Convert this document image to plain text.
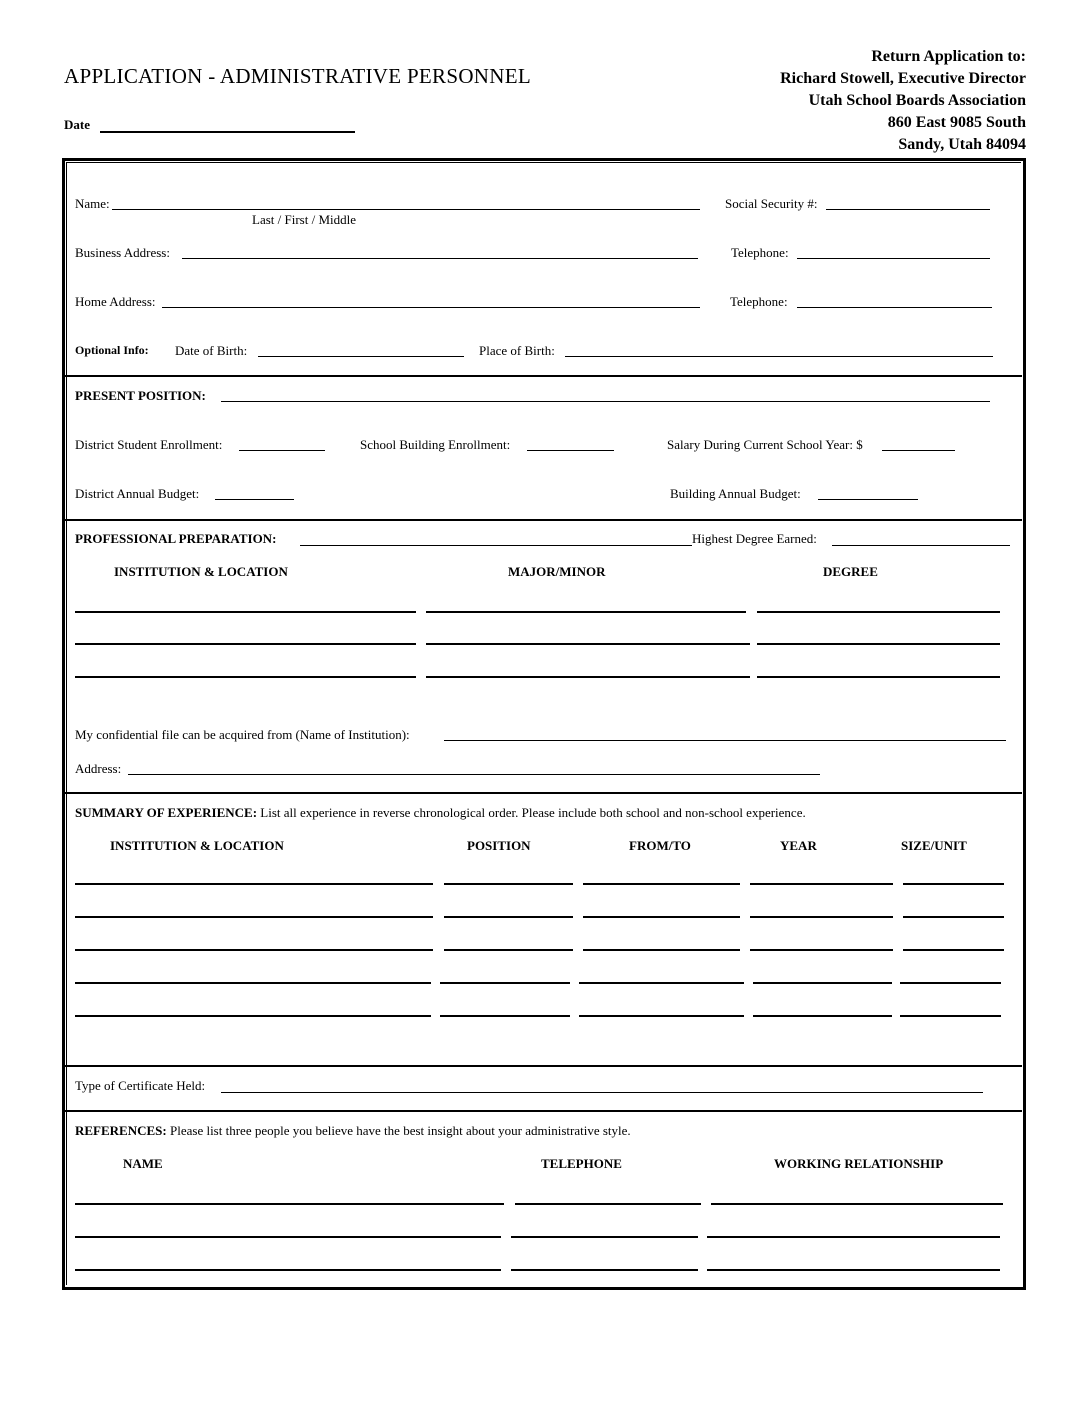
APPLICATION - ADMINISTRATIVE PERSONNEL
Date
Return Application to:
Richard Stowell, Executive Director
Utah School Boards Association
860 East 9085 South
Sandy, Utah 84094
Name:
Last / First / Middle
Social Security #:
Business Address:	Telephone:
Home Address:	Telephone:
Optional Info: Date of Birth:	Place of Birth:
PRESENT POSITION:
District Student Enrollment:	School Building Enrollment:	Salary During Current School Year: $
District Annual Budget:	Building Annual Budget:
PROFESSIONAL PREPARATION:	Highest Degree Earned:
INSTITUTION & LOCATION	MAJOR/MINOR	DEGREE
My confidential file can be acquired from (Name of Institution):
Address:
SUMMARY OF EXPERIENCE: List all experience in reverse chronological order. Please include both school and non-school experience.
INSTITUTION & LOCATION	POSITION	FROM/TO	YEAR	SIZE/UNIT
Type of Certificate Held:
REFERENCES: Please list three people you believe have the best insight about your administrative style.
NAME	TELEPHONE	WORKING RELATIONSHIP
